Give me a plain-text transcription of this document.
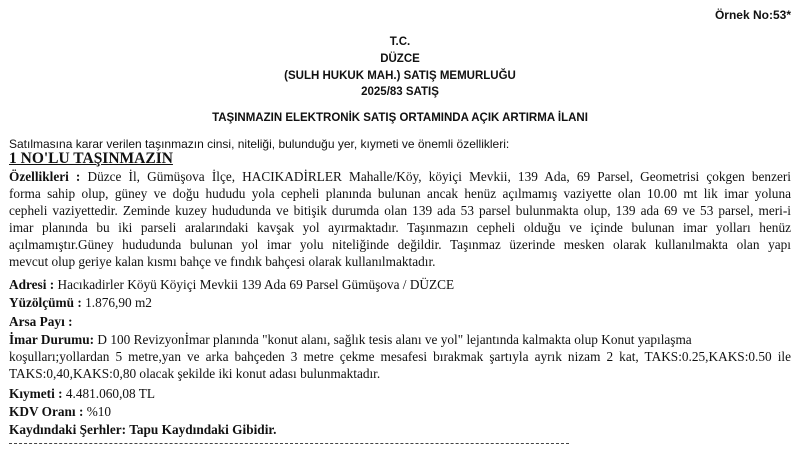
Örnek No:53*
T.C.
DÜZCE
(SULH HUKUK MAH.) SATIŞ MEMURLUĞU
2025/83 SATIŞ
TAŞINMAZIN ELEKTRONİK SATIŞ ORTAMINDA AÇIK ARTIRMA İLANI
Satılmasına karar verilen taşınmazın cinsi, niteliği, bulunduğu yer, kıymeti ve önemli özellikleri:
1 NO'LU TAŞINMAZIN
Özellikleri : Düzce İl, Gümüşova İlçe, HACIKADİRLER Mahalle/Köy, köyiçi Mevkii, 139 Ada, 69 Parsel, Geometrisi çokgen benzeri
forma sahip olup, güney ve doğu hududu yola cepheli planında bulunan ancak henüz açılmamış vaziyette olan 10.00 mt lik imar yoluna
cepheli vaziyettedir. Zeminde kuzey hududunda ve bitişik durumda olan 139 ada 53 parsel bulunmakta olup, 139 ada 69 ve 53 parsel, meri-i
imar planında bu iki parseli aralarındaki kavşak yol ayırmaktadır. Taşınmazın cepheli olduğu ve içinde bulunan imar yolları henüz
açılmamıştır.Güney hududunda bulunan yol imar yolu niteliğinde değildir. Taşınmaz üzerinde mesken olarak kullanılmakta olan yapı
mevcut olup geriye kalan kısmı bahçe ve fındık bahçesi olarak kullanılmaktadır.
Adresi : Hacıkadirler Köyü Köyiçi Mevkii 139 Ada 69 Parsel Gümüşova / DÜZCE
Yüzölçümü : 1.876,90 m2
Arsa Payı :
İmar Durumu: D 100 Revizyonİmar planında "konut alanı, sağlık tesis alanı ve yol" lejantında kalmakta olup Konut yapılaşma
koşulları;yollardan 5 metre,yan ve arka bahçeden 3 metre çekme mesafesi bırakmak şartıyla ayrık nizam 2 kat, TAKS:0.25,KAKS:0.50 ile
TAKS:0,40,KAKS:0,80 olacak şekilde iki konut adası bulunmaktadır.
Kıymeti : 4.481.060,08 TL
KDV Oranı : %10
Kaydındaki Şerhler: Tapu Kaydındaki Gibidir.
